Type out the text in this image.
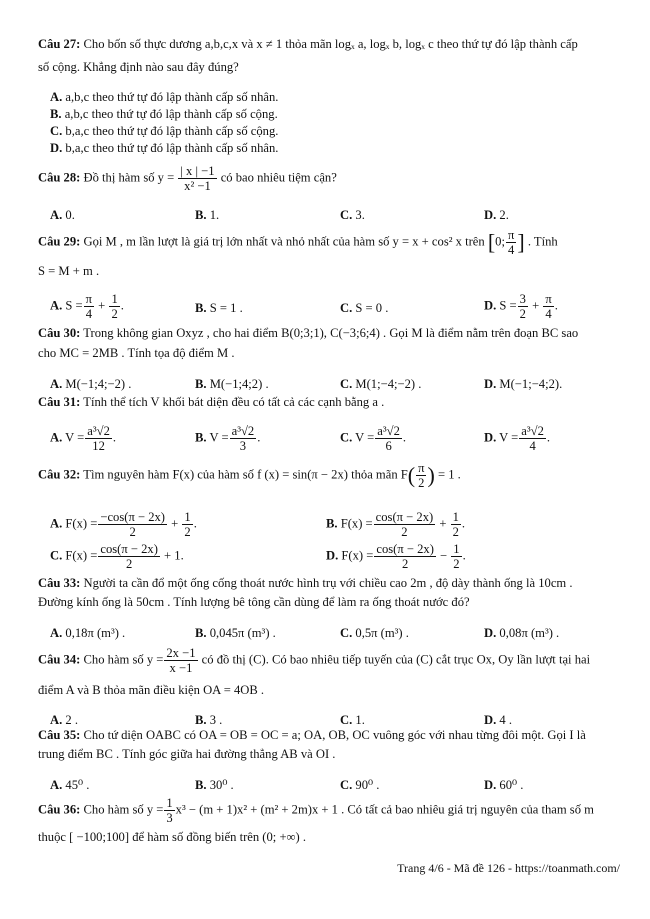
Câu 27: Cho bốn số thực dương a,b,c,x và x ≠ 1 thỏa mãn logₓ a, logₓ b, logₓ c theo thứ tự đó lập thành cấp
số cộng. Khẳng định nào sau đây đúng?
A. a,b,c theo thứ tự đó lập thành cấp số nhân.
B. a,b,c theo thứ tự đó lập thành cấp số cộng.
C. b,a,c theo thứ tự đó lập thành cấp số cộng.
D. b,a,c theo thứ tự đó lập thành cấp số nhân.
Câu 28: Đồ thị hàm số $y = \frac{| x | -1}{\text{x² −1}}$ có bao nhiêu tiệm cận?
A. 0.	B. 1.	C. 3.	D. 2.
Câu 29: Gọi M , m lần lượt là giá trị lớn nhất và nhỏ nhất của hàm số y = x + cos² x trên [0; $\frac{\pi}{4}$ ] . Tính
S = M + m .
A. $S = \frac{\pi}{4} + \frac{1}{2}$ .	B. S = 1 .	C. S = 0 .	D. $S = \frac{3}{2} + \frac{\pi}{4}$ .
Câu 30: Trong không gian Oxyz , cho hai điểm B(0;3;1), C(−3;6;4) . Gọi M là điểm nằm trên đoạn BC sao
cho MC = 2MB . Tính tọa độ điểm M .
A. M(−1;4;−2) .	B. M(−1;4;2) .	C. M(1;−4;−2) .	D. M(−1;−4;2).
Câu 31: Tính thể tích V khối bát diện đều có tất cả các cạnh bằng a .
A. $V = \frac{\text{a³√2}}{12}$ .	B. $V = \frac{\text{a³√2}}{3}$ .	C. $V = \frac{\text{a³√2}}{6}$ .	D. $V = \frac{\text{a³√2}}{4}$ .
Câu 32: Tìm nguyên hàm F(x) của hàm số f (x) = sin(π − 2x) thỏa mãn $F( \frac{\pi}{2}$ ) = 1 .
A. $F(x) = \frac{-\cos(\pi - 2x)}{2} + \frac{1}{2}$ .	B. $F(x) = \frac{\cos(\pi - 2x)}{2} + \frac{1}{2}$ .
C. $F(x) = \frac{\cos(\pi - 2x)}{2} + 1$.	D. $F(x) = \frac{\cos(\pi - 2x)}{2} - \frac{1}{2}$ .
Câu 33: Người ta cần đổ một ống cống thoát nước hình trụ với chiều cao 2m , độ dày thành ống là 10cm .
Đường kính ống là 50cm . Tính lượng bê tông cần dùng để làm ra ống thoát nước đó?
A. 0,18π (m³) .	B. 0,045π (m³) .	C. 0,5π (m³) .	D. 0,08π (m³) .
Câu 34: Cho hàm số $y = \frac{2x -1}{x -1}$ có đồ thị (C). Có bao nhiêu tiếp tuyến của (C) cắt trục Ox, Oy lần lượt tại hai
điểm A và B thỏa mãn điều kiện OA = 4OB .
A. 2 .	B. 3 .	C. 1.	D. 4 .
Câu 35: Cho tứ diện OABC có OA = OB = OC = a; OA, OB, OC vuông góc với nhau từng đôi một. Gọi I là
trung điểm BC . Tính góc giữa hai đường thẳng AB và OI .
A. 45⁰ .	B. 30⁰ .	C. 90⁰ .	D. 60⁰ .
Câu 36: Cho hàm số $y = \frac{1}{3} x^3 - (m + 1)x^2 + (m^2 + 2m)x + 1$ . Có tất cả bao nhiêu giá trị nguyên của tham số m
thuộc [ −100;100] để hàm số đồng biến trên (0; +∞) .
Trang 4/6 - Mã đề 126 - https://toanmath.com/
